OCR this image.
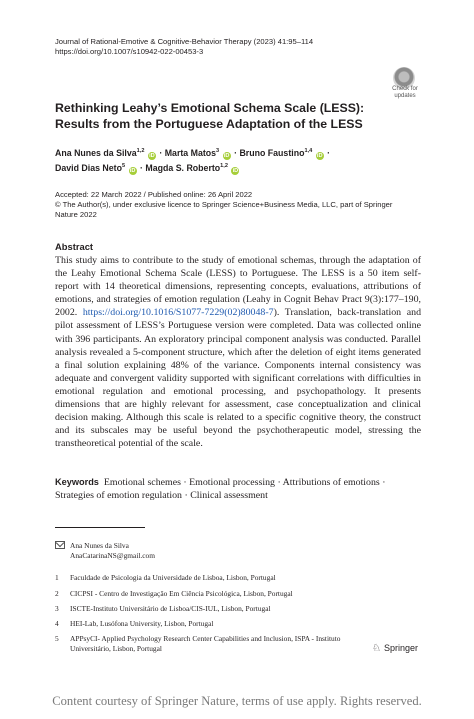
Journal of Rational-Emotive & Cognitive-Behavior Therapy (2023) 41:95–114
https://doi.org/10.1007/s10942-022-00453-3
Check for
updates
Rethinking Leahy’s Emotional Schema Scale (LESS): Results from the Portuguese Adaptation of the LESS
Ana Nunes da Silva$^{1,2}$ iD · Marta Matos$^3$ iD · Bruno Faustino$^{1,4}$ iD ·
David Dias Neto$^5$ iD · Magda S. Roberto$^{1,2}$ iD
Accepted: 22 March 2022 / Published online: 26 April 2022
© The Author(s), under exclusive licence to Springer Science+Business Media, LLC, part of Springer Nature 2022
Abstract
This study aims to contribute to the study of emotional schemas, through the adaptation of the Leahy Emotional Schema Scale (LESS) to Portuguese. The LESS is a 50 item self-report with 14 theoretical dimensions, representing concepts, evaluations, attributions of emotions, and strategies of emotion regulation (Leahy in Cognit Behav Pract 9(3):177–190, 2002. https://doi.org/10.1016/S1077-7229(02)80048-7). Translation, back-translation and pilot assessment of LESS’s Portuguese version were completed. Data was collected online with 396 participants. An exploratory principal component analysis was conducted. Parallel analysis revealed a 5-component structure, which after the deletion of eight items generated a final solution explaining 48% of the variance. Components internal consistency was adequate and convergent validity supported with significant correlations with difficulties in emotional regulation and emotional processing, and psychopathology. It presents dimensions that are highly relevant for assessment, case conceptualization and clinical decision making. Although this scale is related to a specific cognitive theory, the construct and its subscales may be useful beyond the psychotherapeutic model, stressing the transtheoretical potential of the scale.
Keywords Emotional schemes · Emotional processing · Attributions of emotions · Strategies of emotion regulation · Clinical assessment
Ana Nunes da Silva
AnaCatarinaNS@gmail.com
1	Faculdade de Psicologia da Universidade de Lisboa, Lisbon, Portugal
2	CICPSI - Centro de Investigação Em Ciência Psicológica, Lisbon, Portugal
3	ISCTE-Instituto Universitário de Lisboa/CIS-IUL, Lisbon, Portugal
4	HEI-Lab, Lusófona University, Lisbon, Portugal
5	APPsyCI- Applied Psychology Research Center Capabilities and Inclusion, ISPA - Instituto Universitário, Lisbon, Portugal	♘ Springer
Content courtesy of Springer Nature, terms of use apply. Rights reserved.
